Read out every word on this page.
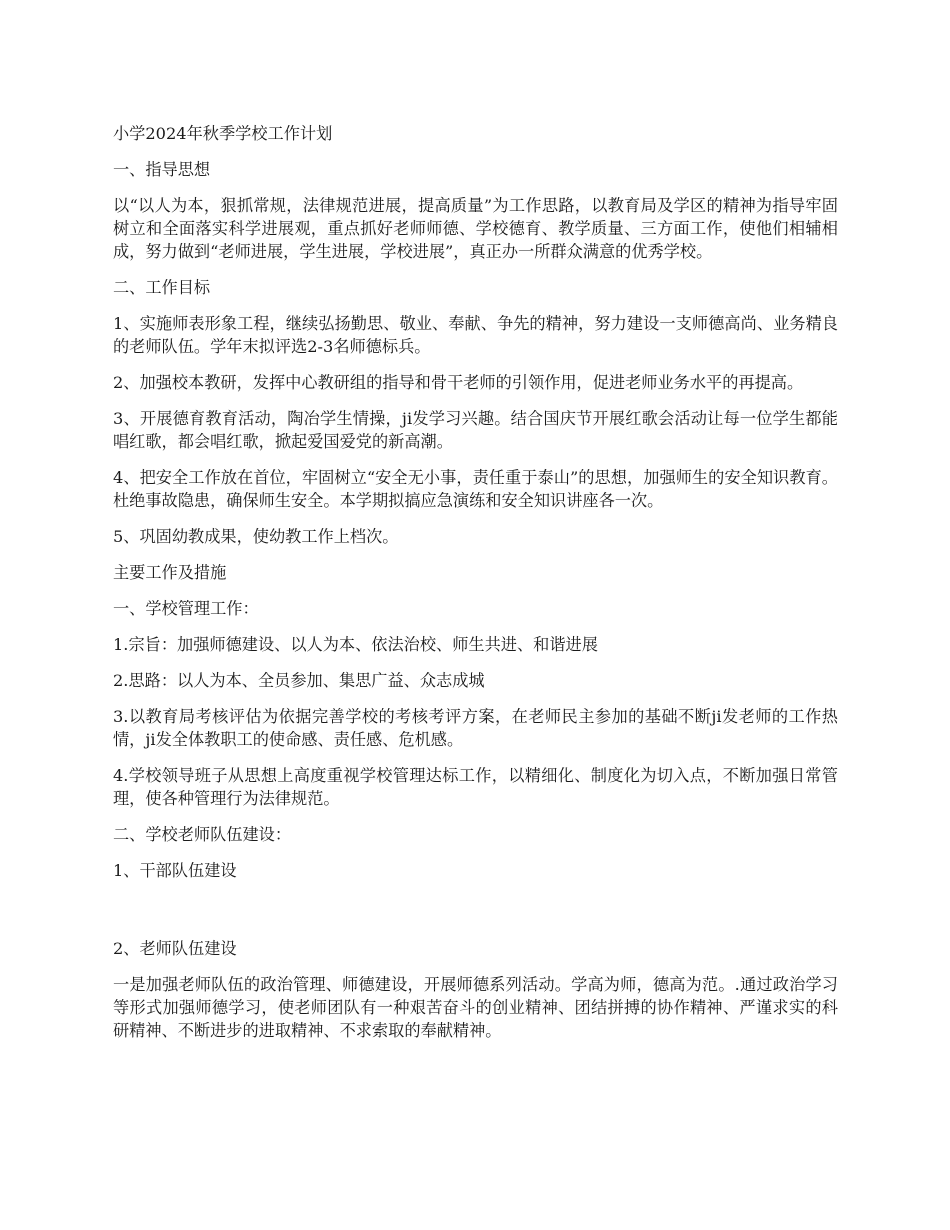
小学2024年秋季学校工作计划

一、指导思想

以“以人为本，狠抓常规，法律规范进展，提高质量”为工作思路，以教育局及学区的精神为指导牢固树立和全面落实科学进展观，重点抓好老师师德、学校德育、教学质量、三方面工作，使他们相辅相成，努力做到“老师进展，学生进展，学校进展”，真正办一所群众满意的优秀学校。

二、工作目标

1、实施师表形象工程，继续弘扬勤思、敬业、奉献、争先的精神，努力建设一支师德高尚、业务精良的老师队伍。学年末拟评选2-3名师德标兵。

2、加强校本教研，发挥中心教研组的指导和骨干老师的引领作用，促进老师业务水平的再提高。

3、开展德育教育活动，陶冶学生情操，ji发学习兴趣。结合国庆节开展红歌会活动让每一位学生都能唱红歌，都会唱红歌，掀起爱国爱党的新高潮。

4、把安全工作放在首位，牢固树立“安全无小事，责任重于泰山”的思想，加强师生的安全知识教育。杜绝事故隐患，确保师生安全。本学期拟搞应急演练和安全知识讲座各一次。

5、巩固幼教成果，使幼教工作上档次。

主要工作及措施

一、学校管理工作：

1.宗旨：加强师德建设、以人为本、依法治校、师生共进、和谐进展

2.思路：以人为本、全员参加、集思广益、众志成城

3.以教育局考核评估为依据完善学校的考核考评方案，在老师民主参加的基础不断ji发老师的工作热情，ji发全体教职工的使命感、责任感、危机感。

4.学校领导班子从思想上高度重视学校管理达标工作，以精细化、制度化为切入点，不断加强日常管理，使各种管理行为法律规范。

二、学校老师队伍建设：

1、干部队伍建设

2、老师队伍建设

一是加强老师队伍的政治管理、师德建设，开展师德系列活动。学高为师，德高为范。.通过政治学习等形式加强师德学习，使老师团队有一种艰苦奋斗的创业精神、团结拼搏的协作精神、严谨求实的科研精神、不断进步的进取精神、不求索取的奉献精神。
